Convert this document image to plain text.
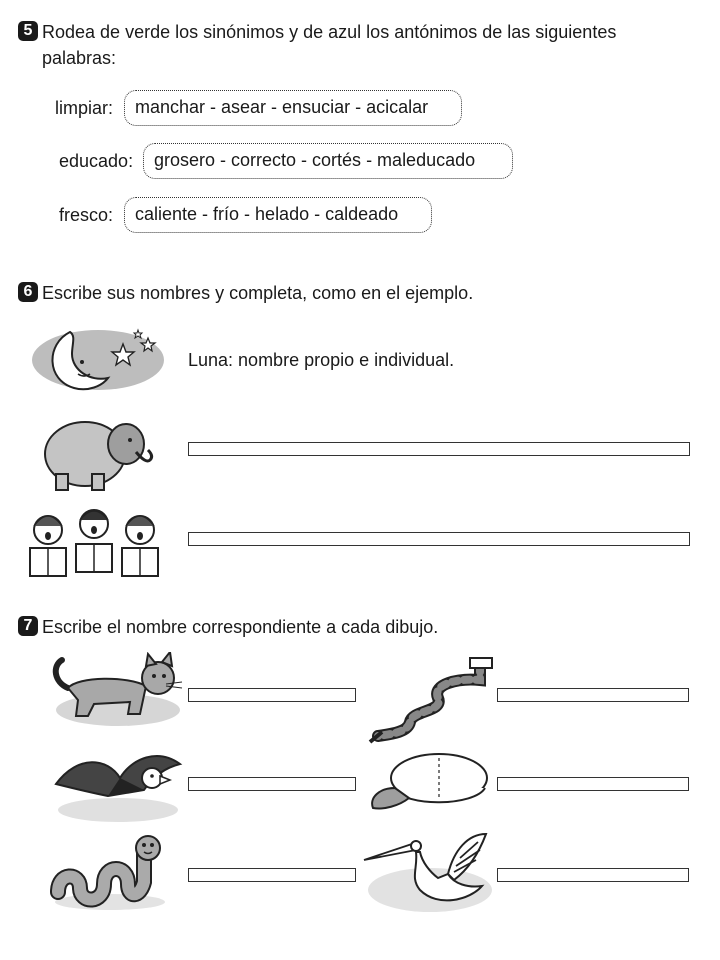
5 Rodea de verde los sinónimos y de azul los antónimos de las siguientes palabras:
limpiar:	manchar - asear - ensuciar - acicalar
educado:	grosero - correcto - cortés - maleducado
fresco:	caliente - frío - helado - caldeado
6 Escribe sus nombres y completa, como en el ejemplo.
Luna: nombre propio e individual.
7 Escribe el nombre correspondiente a cada dibujo.
